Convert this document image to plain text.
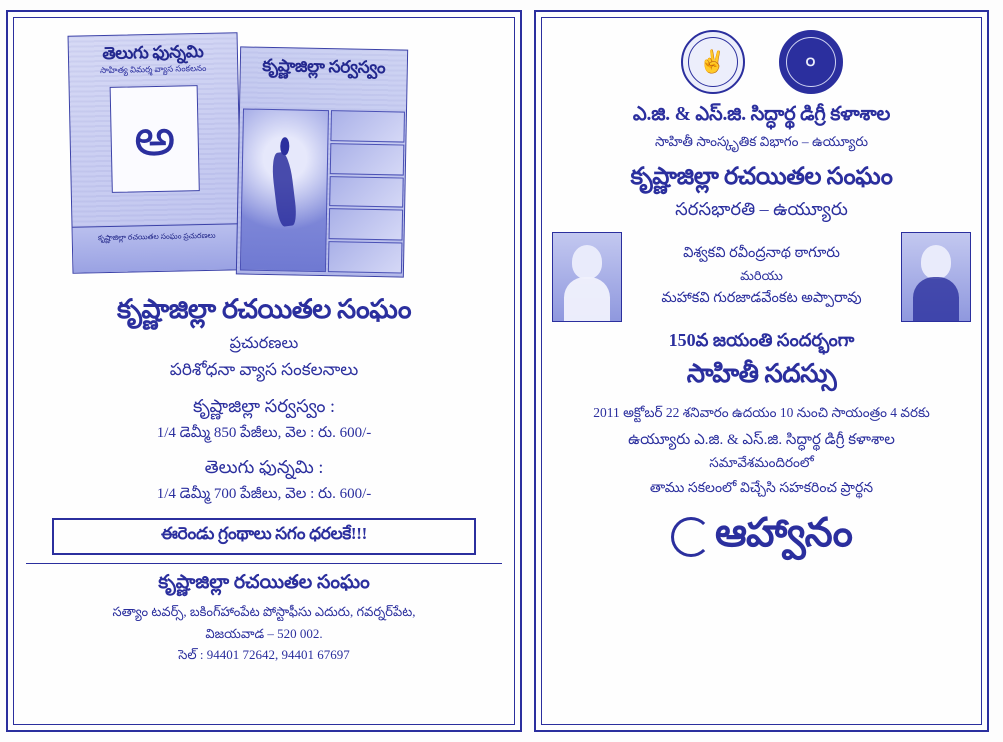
తెలుగు ఫున్నమి
సాహిత్య విమర్శ వ్యాస సంకలనం
అ
కృష్ణాజిల్లా రచయితల సంఘం ప్రచురణలు
కృష్ణాజిల్లా సర్వస్వం
కృష్ణాజిల్లా రచయితల సంఘం
ప్రచురణలు
పరిశోధనా వ్యాస సంకలనాలు
కృష్ణాజిల్లా సర్వస్వం :
1/4 డెమ్మీ 850 పేజీలు, వెల : రు. 600/-
తెలుగు ఫున్నమి :
1/4 డెమ్మీ 700 పేజీలు, వెల : రు. 600/-
ఈరెండు గ్రంథాలు సగం ధరలకే!!!
కృష్ణాజిల్లా రచయితల సంఘం
సత్యాం టవర్స్, బకింగ్‌హాంపేట పోస్టాఫీసు ఎదురు, గవర్నర్‌పేట,
విజయవాడ – 520 002.
సెల్ : 94401 72642, 94401 67697
✌	०
ఎ.జి. & ఎస్.జి. సిద్ధార్థ డిగ్రీ కళాశాల
సాహితీ సాంస్కృతిక విభాగం – ఉయ్యూరు
కృష్ణాజిల్లా రచయితల సంఘం
సరసభారతి – ఉయ్యూరు
విశ్వకవి రవీంద్రనాథ ఠాగూరు
మరియు
మహాకవి గురజాడవేంకట అప్పారావు
150వ జయంతి సందర్భంగా
సాహితీ సదస్సు
2011 అక్టోబర్ 22 శనివారం ఉదయం 10 నుంచి సాయంత్రం 4 వరకు
ఉయ్యూరు ఎ.జి. & ఎస్.జి. సిద్ధార్థ డిగ్రీ కళాశాల
సమావేశమందిరంలో
తాము సకలంలో విచ్చేసి సహకరించ ప్రార్థన
ఆహ్వానం
